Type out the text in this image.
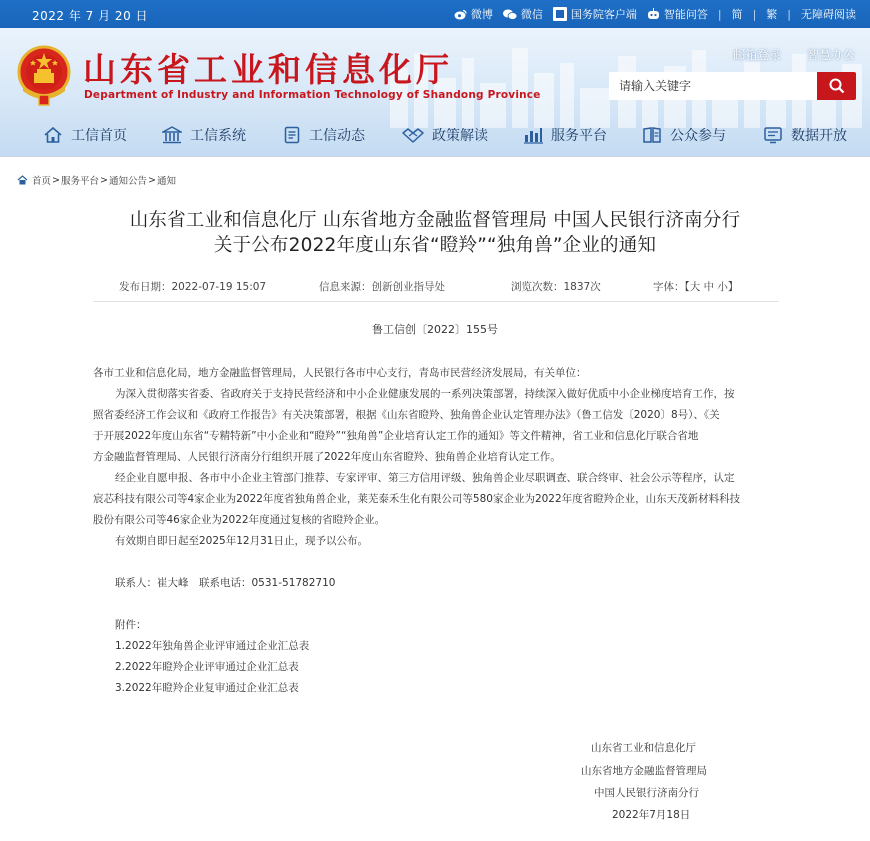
2022 年 7 月 20 日	微博	微信	国务院客户端 智能问答 | 简 | 繁 | 无障碍阅读
山东省工业和信息化厅
Department of Industry and Information Technology of Shandong Province
邮箱登录 智慧办公
请输入关键字
工信首页	工信系统	工信动态	政策解读	服务平台	公众参与	数据开放
首页 > 服务平台 > 通知公告 > 通知
山东省工业和信息化厅 山东省地方金融监督管理局 中国人民银行济南分行
关于公布2022年度山东省“瞪羚”“独角兽”企业的通知
发布日期：2022-07-19 15:07	信息来源：创新创业指导处	浏览次数：1837次	字体：【大 中 小】
鲁工信创〔2022〕155号

各市工业和信息化局，地方金融监督管理局，人民银行各市中心支行，青岛市民营经济发展局，有关单位：

为深入贯彻落实省委、省政府关于支持民营经济和中小企业健康发展的一系列决策部署，持续深入做好优质中小企业梯度培育工作，按

照省委经济工作会议和《政府工作报告》有关决策部署，根据《山东省瞪羚、独角兽企业认定管理办法》（鲁工信发〔2020〕8号）、《关

于开展2022年度山东省“专精特新”中小企业和“瞪羚”“独角兽”企业培育认定工作的通知》等文件精神，省工业和信息化厅联合省地

方金融监督管理局、人民银行济南分行组织开展了2022年度山东省瞪羚、独角兽企业培育认定工作。

经企业自愿申报、各市中小企业主管部门推荐、专家评审、第三方信用评级、独角兽企业尽职调查、联合终审、社会公示等程序，认定

宸芯科技有限公司等4家企业为2022年度省独角兽企业，莱芜泰禾生化有限公司等580家企业为2022年度省瞪羚企业，山东天茂新材料科技

股份有限公司等46家企业为2022年度通过复核的省瞪羚企业。

有效期自即日起至2025年12月31日止，现予以公布。

联系人：崔大峰　联系电话：0531-51782710

附件：

1.2022年独角兽企业评审通过企业汇总表

2.2022年瞪羚企业评审通过企业汇总表

3.2022年瞪羚企业复审通过企业汇总表

山东省工业和信息化厅

山东省地方金融监督管理局

中国人民银行济南分行

2022年7月18日
